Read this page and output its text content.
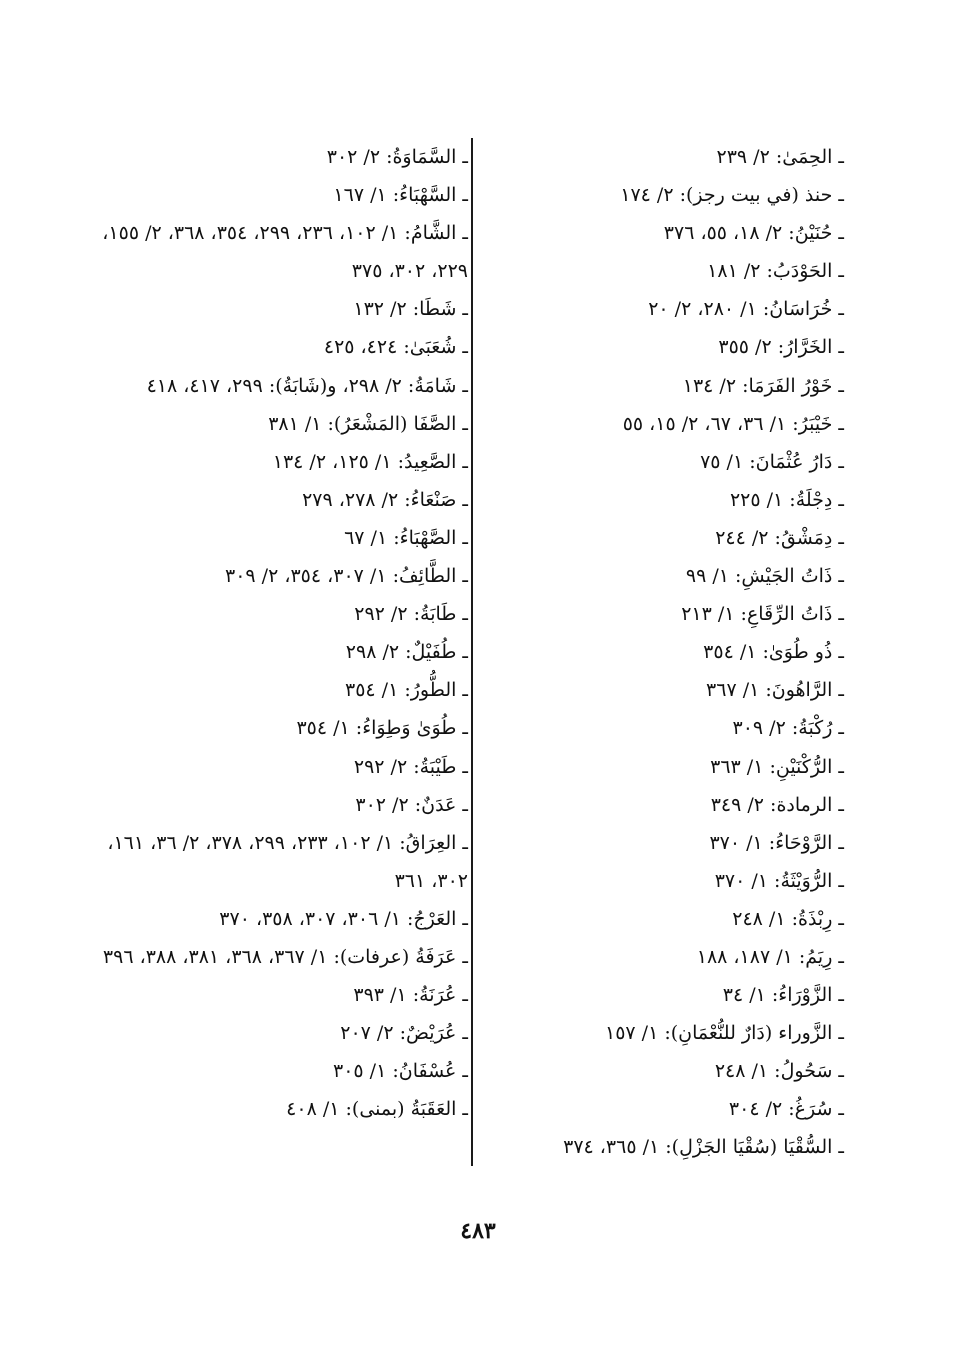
ـ الحِمَىٰ: ٢/ ٢٣٩
ـ حنذ (في بيت رجز): ٢/ ١٧٤
ـ حُنَيْنُ: ٢/ ١٨، ٥٥، ٣٧٦
ـ الحَوْدَبُ: ٢/ ١٨١
ـ خُرَاسَانُ: ١/ ٢٨٠، ٢/ ٢٠
ـ الخَرَّارُ: ٢/ ٣٥٥
ـ خَوْرُ الفَرَمَا: ٢/ ١٣٤
ـ خَيْبَرُ: ١/ ٣٦، ٦٧، ٢/ ١٥، ٥٥
ـ دَارُ عُثْمَانَ: ١/ ٧٥
ـ دِجْلَةُ: ١/ ٢٢٥
ـ دِمَشْقُ: ٢/ ٢٤٤
ـ ذَاتُ الجَيْشِ: ١/ ٩٩
ـ ذَاتُ الرِّقَاعِ: ١/ ٢١٣
ـ ذُو طُوَىٰ: ١/ ٣٥٤
ـ الرَّاهُونَ: ١/ ٣٦٧
ـ رُكْبَةُ: ٢/ ٣٠٩
ـ الرُّكْنَيْنِ: ١/ ٣٦٣
ـ الرمادة: ٢/ ٣٤٩
ـ الرَّوْحَاءُ: ١/ ٣٧٠
ـ الرُّوَيْثَةُ: ١/ ٣٧٠
ـ رِبْذَةُ: ١/ ٢٤٨
ـ رِيَمُ: ١/ ١٨٧، ١٨٨
ـ الزَّوْرَاءُ: ١/ ٣٤
ـ الزَّوراء (دَارٌ للنُّعْمَانِ): ١/ ١٥٧
ـ سَحُولُ: ١/ ٢٤٨
ـ سُرَغُ: ٢/ ٣٠٤
ـ السُّقْيَا (سُقْيَا الجَزْلِ): ١/ ٣٦٥، ٣٧٤
ـ السَّمَاوَةُ: ٢/ ٣٠٢
ـ السَّهْبَاءُ: ١/ ١٦٧
ـ الشَّامُ: ١/ ١٠٢، ٢٣٦، ٢٩٩، ٣٥٤، ٣٦٨، ٢/ ١٥٥، ٢٢٩، ٣٠٢، ٣٧٥
ـ شَطَا: ٢/ ١٣٢
ـ شُعَبَىٰ: ٤٢٤، ٤٢٥
ـ شَامَةُ: ٢/ ٢٩٨، و(شَابَةُ): ٢٩٩، ٤١٧، ٤١٨
ـ الصَّفَا (المَشْعَرُ): ١/ ٣٨١
ـ الصَّعِيدُ: ١/ ١٢٥، ٢/ ١٣٤
ـ صَنْعَاءُ: ٢/ ٢٧٨، ٢٧٩
ـ الصَّهْبَاءُ: ١/ ٦٧
ـ الطَّائِفُ: ١/ ٣٠٧، ٣٥٤، ٢/ ٣٠٩
ـ طَابَةُ: ٢/ ٢٩٢
ـ طُفَيْلٌ: ٢/ ٢٩٨
ـ الطُّورُ: ١/ ٣٥٤
ـ طُوَىٰ وَطِوَاءُ: ١/ ٣٥٤
ـ طَيْبَةُ: ٢/ ٢٩٢
ـ عَدَنٌ: ٢/ ٣٠٢
ـ العِرَاقُ: ١/ ١٠٢، ٢٣٣، ٢٩٩، ٣٧٨، ٢/ ٣٦، ١٦١، ٣٠٢، ٣٦١
ـ العَرْجُ: ١/ ٣٠٦، ٣٠٧، ٣٥٨، ٣٧٠
ـ عَرَفَةُ (عرفات): ١/ ٣٦٧، ٣٦٨، ٣٨١، ٣٨٨، ٣٩٦
ـ عُرَنَةُ: ١/ ٣٩٣
ـ عُرَيْضٌ: ٢/ ٢٠٧
ـ عُسْفَانُ: ١/ ٣٠٥
ـ العَقَبَةُ (بمنى): ١/ ٤٠٨
٤٨٣
